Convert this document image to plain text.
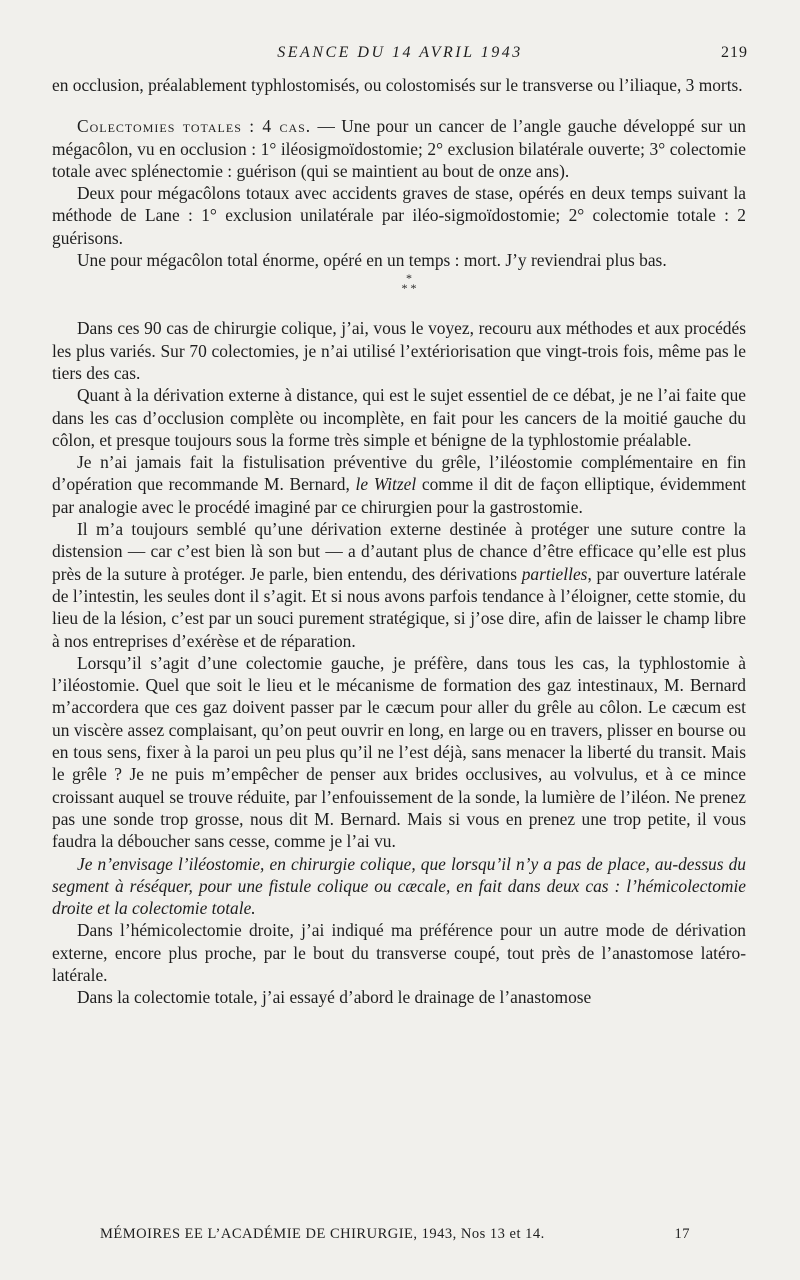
SEANCE DU 14 AVRIL 1943	219

en occlusion, préalablement typhlostomisés, ou colostomisés sur le transverse ou l’iliaque, 3 morts.

Colectomies totales : 4 cas. — Une pour un cancer de l’angle gauche développé sur un mégacôlon, vu en occlusion : 1° iléosigmoïdostomie; 2° exclusion bilatérale ouverte; 3° colectomie totale avec splénectomie : guérison (qui se maintient au bout de onze ans).

Deux pour mégacôlons totaux avec accidents graves de stase, opérés en deux temps suivant la méthode de Lane : 1° exclusion unilatérale par iléo-sigmoïdostomie; 2° colectomie totale : 2 guérisons.

Une pour mégacôlon total énorme, opéré en un temps : mort. J’y reviendrai plus bas.

*
* *

Dans ces 90 cas de chirurgie colique, j’ai, vous le voyez, recouru aux méthodes et aux procédés les plus variés. Sur 70 colectomies, je n’ai utilisé l’extériorisation que vingt-trois fois, même pas le tiers des cas.

Quant à la dérivation externe à distance, qui est le sujet essentiel de ce débat, je ne l’ai faite que dans les cas d’occlusion complète ou incomplète, en fait pour les cancers de la moitié gauche du côlon, et presque toujours sous la forme très simple et bénigne de la typhlostomie préalable.

Je n’ai jamais fait la fistulisation préventive du grêle, l’iléostomie complémentaire en fin d’opération que recommande M. Bernard, le Witzel comme il dit de façon elliptique, évidemment par analogie avec le procédé imaginé par ce chirurgien pour la gastrostomie.

Il m’a toujours semblé qu’une dérivation externe destinée à protéger une suture contre la distension — car c’est bien là son but — a d’autant plus de chance d’être efficace qu’elle est plus près de la suture à protéger. Je parle, bien entendu, des dérivations partielles, par ouverture latérale de l’intestin, les seules dont il s’agit. Et si nous avons parfois tendance à l’éloigner, cette stomie, du lieu de la lésion, c’est par un souci purement stratégique, si j’ose dire, afin de laisser le champ libre à nos entreprises d’exérèse et de réparation.

Lorsqu’il s’agit d’une colectomie gauche, je préfère, dans tous les cas, la typhlostomie à l’iléostomie. Quel que soit le lieu et le mécanisme de formation des gaz intestinaux, M. Bernard m’accordera que ces gaz doivent passer par le cæcum pour aller du grêle au côlon. Le cæcum est un viscère assez complaisant, qu’on peut ouvrir en long, en large ou en travers, plisser en bourse ou en tous sens, fixer à la paroi un peu plus qu’il ne l’est déjà, sans menacer la liberté du transit. Mais le grêle ? Je ne puis m’empêcher de penser aux brides occlusives, au volvulus, et à ce mince croissant auquel se trouve réduite, par l’enfouissement de la sonde, la lumière de l’iléon. Ne prenez pas une sonde trop grosse, nous dit M. Bernard. Mais si vous en prenez une trop petite, il vous faudra la déboucher sans cesse, comme je l’ai vu.

Je n’envisage l’iléostomie, en chirurgie colique, que lorsqu’il n’y a pas de place, au-dessus du segment à réséquer, pour une fistule colique ou cæcale, en fait dans deux cas : l’hémicolectomie droite et la colectomie totale.

Dans l’hémicolectomie droite, j’ai indiqué ma préférence pour un autre mode de dérivation externe, encore plus proche, par le bout du transverse coupé, tout près de l’anastomose latéro-latérale.

Dans la colectomie totale, j’ai essayé d’abord le drainage de l’anastomose

MÉMOIRES EE L’ACADÉMIE DE CHIRURGIE, 1943, Nos 13 et 14.	17
